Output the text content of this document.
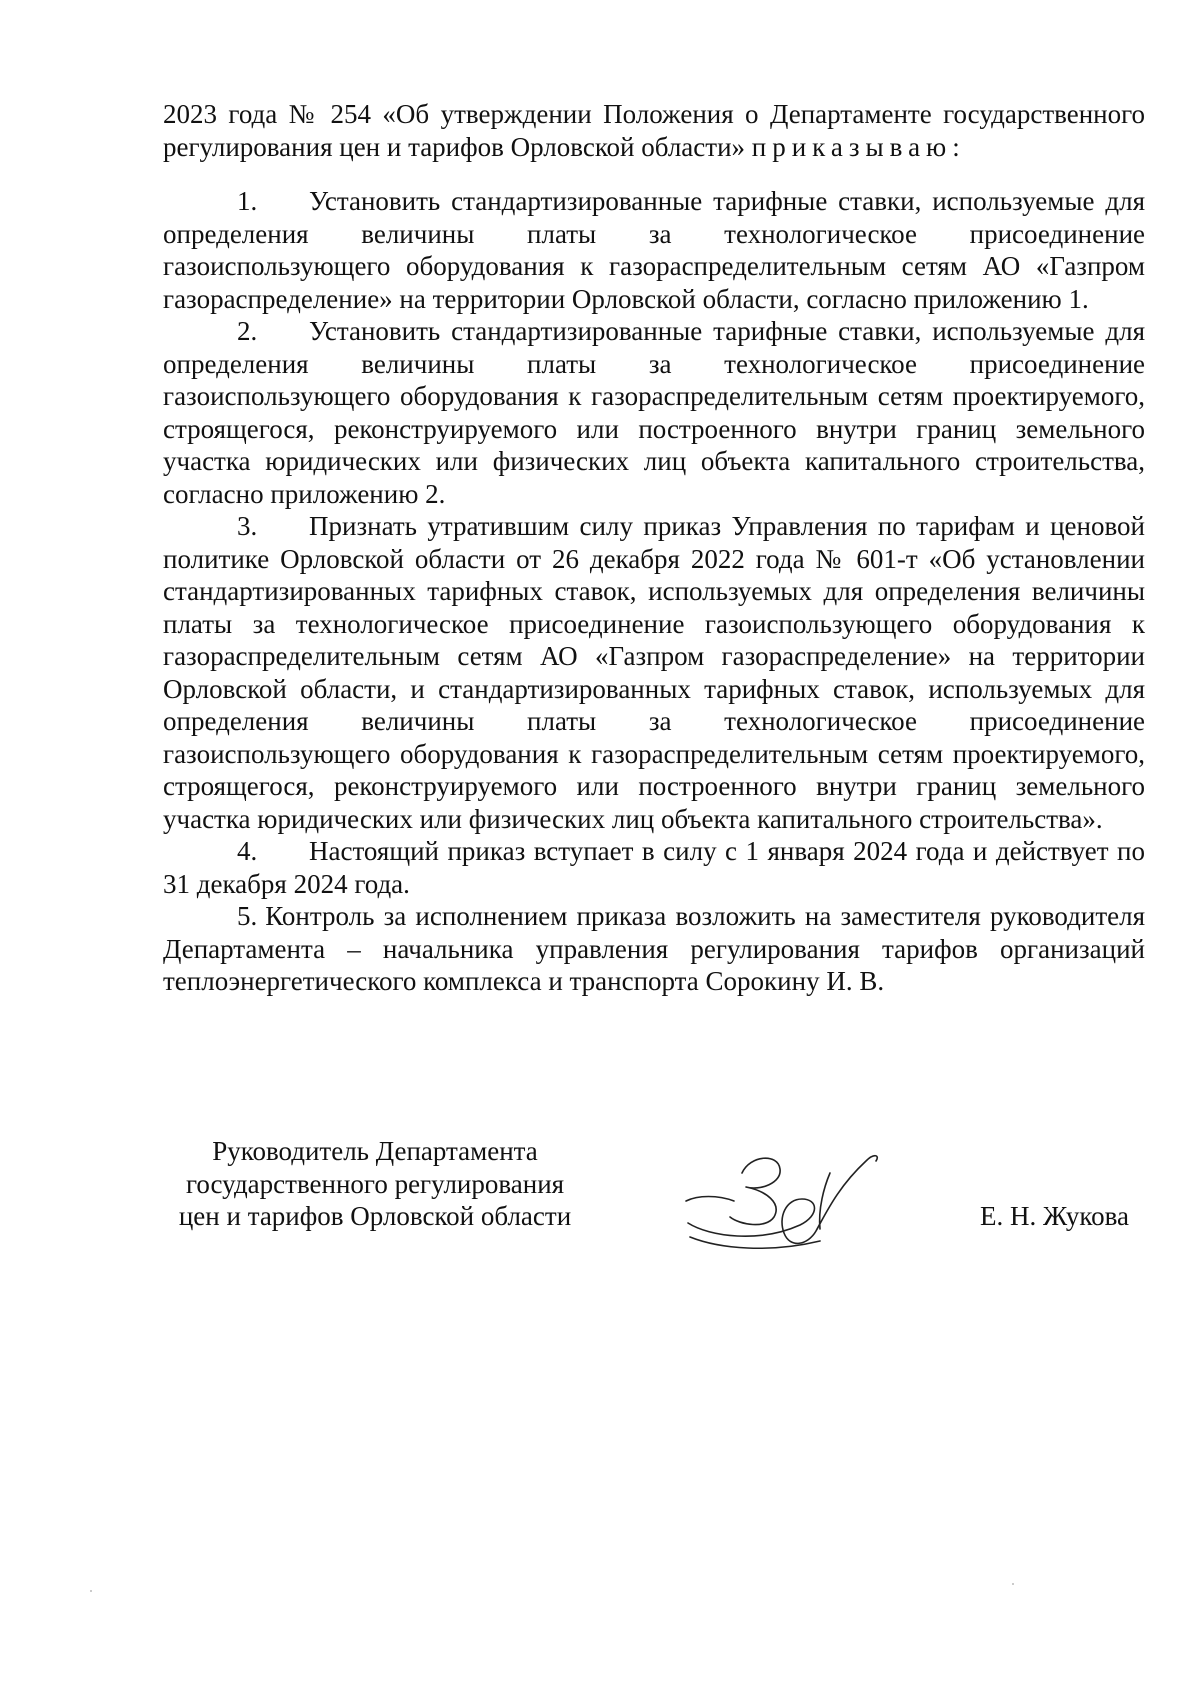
2023 года № 254 «Об утверждении Положения о Департаменте государственного регулирования цен и тарифов Орловской области» приказываю:

1. Установить стандартизированные тарифные ставки, используемые для определения величины платы за технологическое присоединение газоиспользующего оборудования к газораспределительным сетям АО «Газпром газораспределение» на территории Орловской области, согласно приложению 1.

2. Установить стандартизированные тарифные ставки, используемые для определения величины платы за технологическое присоединение газоиспользующего оборудования к газораспределительным сетям проектируемого, строящегося, реконструируемого или построенного внутри границ земельного участка юридических или физических лиц объекта капитального строительства, согласно приложению 2.

3. Признать утратившим силу приказ Управления по тарифам и ценовой политике Орловской области от 26 декабря 2022 года № 601-т «Об установлении стандартизированных тарифных ставок, используемых для определения величины платы за технологическое присоединение газоиспользующего оборудования к газораспределительным сетям АО «Газпром газораспределение» на территории Орловской области, и стандартизированных тарифных ставок, используемых для определения величины платы за технологическое присоединение газоиспользующего оборудования к газораспределительным сетям проектируемого, строящегося, реконструируемого или построенного внутри границ земельного участка юридических или физических лиц объекта капитального строительства».

4. Настоящий приказ вступает в силу с 1 января 2024 года и действует по 31 декабря 2024 года.

5. Контроль за исполнением приказа возложить на заместителя руководителя Департамента – начальника управления регулирования тарифов организаций теплоэнергетического комплекса и транспорта Сорокину И. В.

Руководитель Департамента
государственного регулирования
цен и тарифов Орловской области	Е. Н. Жукова
